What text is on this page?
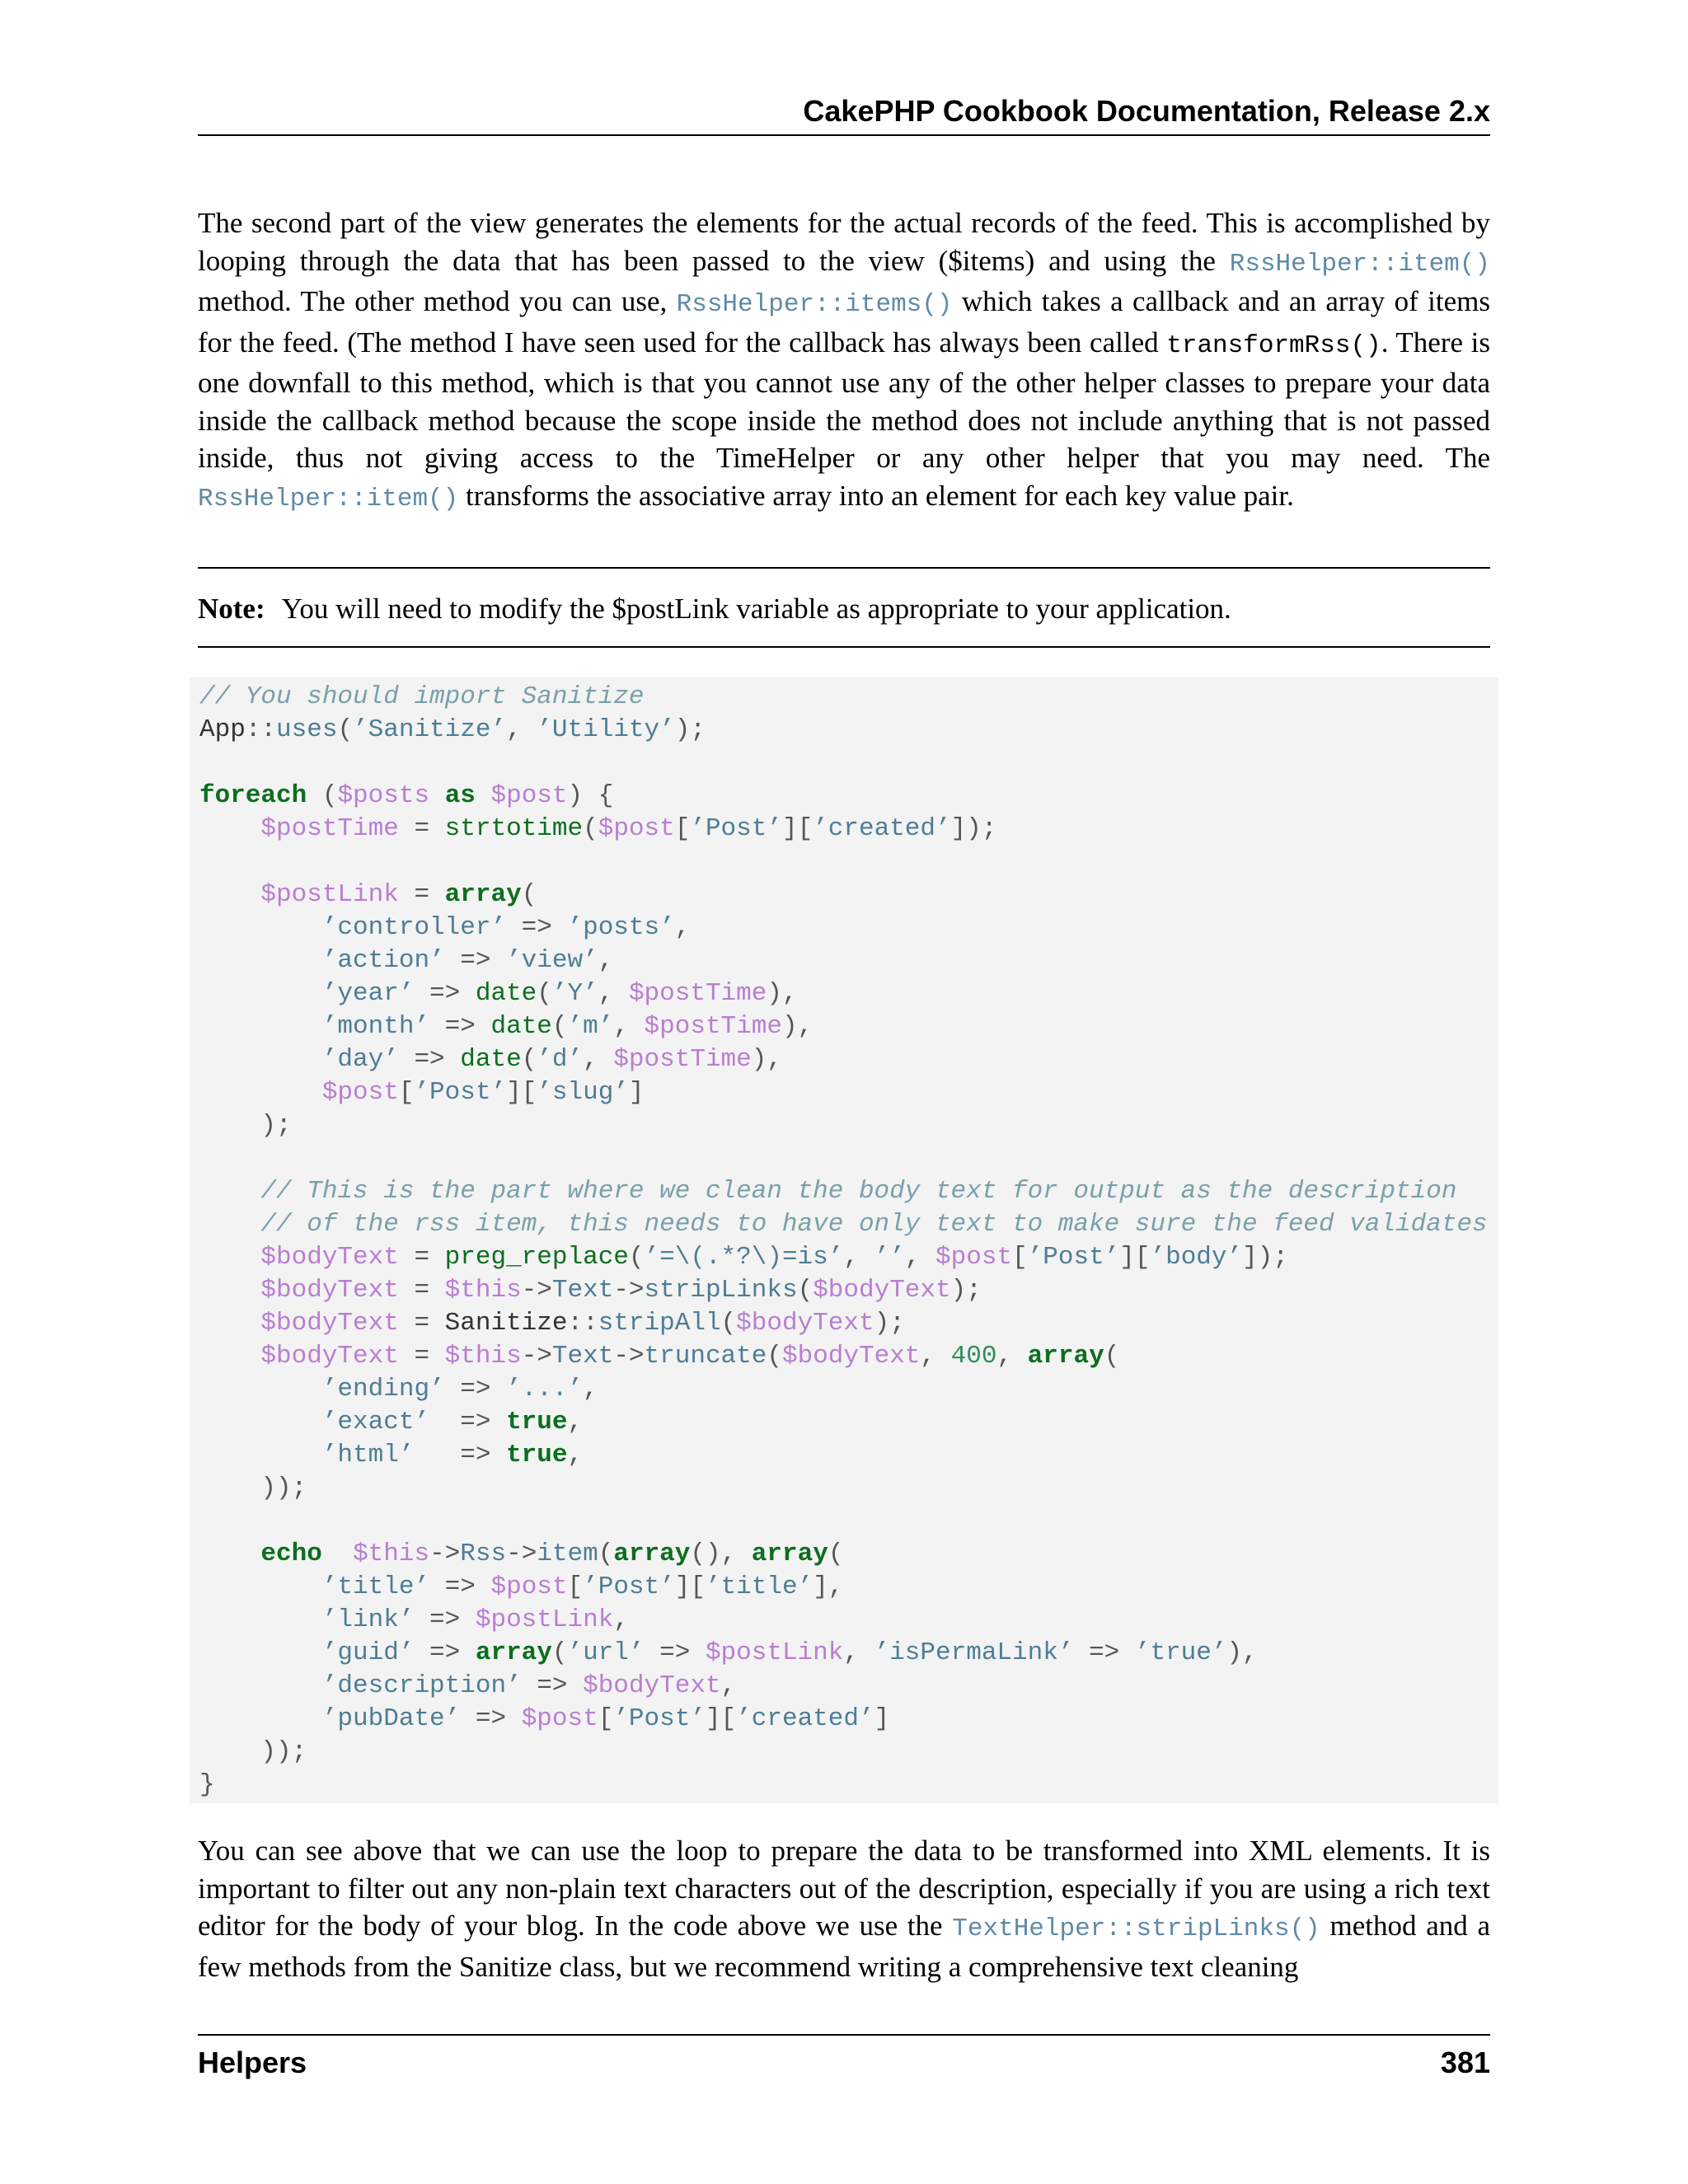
CakePHP Cookbook Documentation, Release 2.x
The second part of the view generates the elements for the actual records of the feed. This is accomplished by looping through the data that has been passed to the view ($items) and using the RssHelper::item() method. The other method you can use, RssHelper::items() which takes a callback and an array of items for the feed. (The method I have seen used for the callback has always been called transformRss(). There is one downfall to this method, which is that you cannot use any of the other helper classes to prepare your data inside the callback method because the scope inside the method does not include anything that is not passed inside, thus not giving access to the TimeHelper or any other helper that you may need. The RssHelper::item() transforms the associative array into an element for each key value pair.
Note: You will need to modify the $postLink variable as appropriate to your application.
// You should import Sanitize
App::uses(’Sanitize’, ’Utility’);

foreach ($posts as $post) {
$postTime = strtotime($post[’Post’][’created’]);

$postLink = array(
’controller’ => ’posts’,
’action’ => ’view’,
’year’ => date(’Y’, $postTime),
’month’ => date(’m’, $postTime),
’day’ => date(’d’, $postTime),
$post[’Post’][’slug’]
);

// This is the part where we clean the body text for output as the description
// of the rss item, this needs to have only text to make sure the feed validates
$bodyText = preg_replace(’=\(.*?\)=is’, ’’, $post[’Post’][’body’]);
$bodyText = $this->Text->stripLinks($bodyText);
$bodyText = Sanitize::stripAll($bodyText);
$bodyText = $this->Text->truncate($bodyText, 400, array(
’ending’ => ’...’,
’exact’  => true,
’html’   => true,
));

echo $this->Rss->item(array(), array(
’title’ => $post[’Post’][’title’],
’link’ => $postLink,
’guid’ => array(’url’ => $postLink, ’isPermaLink’ => ’true’),
’description’ => $bodyText,
’pubDate’ => $post[’Post’][’created’]
));
}
You can see above that we can use the loop to prepare the data to be transformed into XML elements. It is important to filter out any non-plain text characters out of the description, especially if you are using a rich text editor for the body of your blog. In the code above we use the TextHelper::stripLinks() method and a few methods from the Sanitize class, but we recommend writing a comprehensive text cleaning
Helpers	381
